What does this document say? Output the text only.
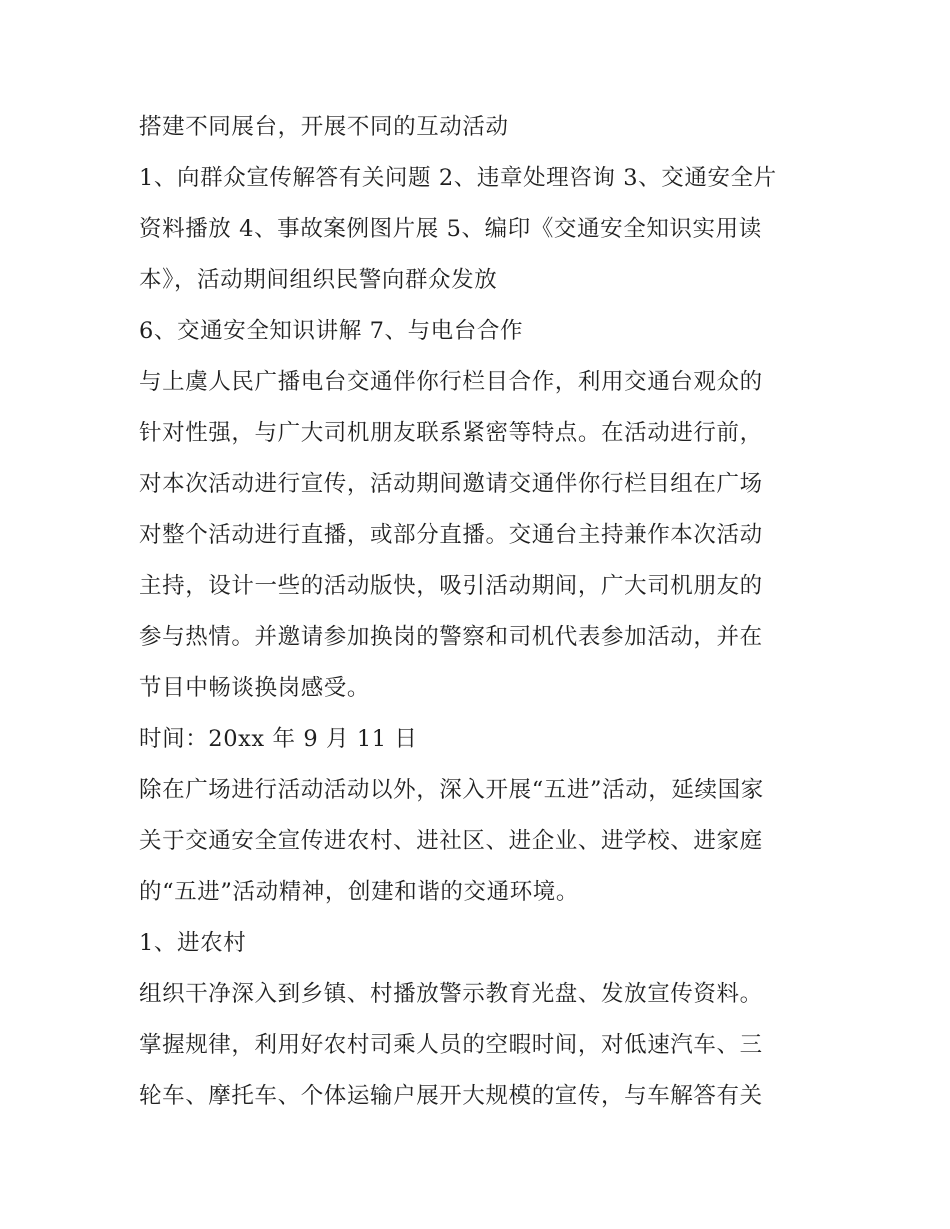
搭建不同展台，开展不同的互动活动
1、向群众宣传解答有关问题 2、违章处理咨询 3、交通安全片
资料播放 4、事故案例图片展 5、编印《交通安全知识实用读
本》，活动期间组织民警向群众发放
6、交通安全知识讲解 7、与电台合作
与上虞人民广播电台交通伴你行栏目合作，利用交通台观众的
针对性强，与广大司机朋友联系紧密等特点。在活动进行前，
对本次活动进行宣传，活动期间邀请交通伴你行栏目组在广场
对整个活动进行直播，或部分直播。交通台主持兼作本次活动
主持，设计一些的活动版快，吸引活动期间，广大司机朋友的
参与热情。并邀请参加换岗的警察和司机代表参加活动，并在
节目中畅谈换岗感受。
时间：20xx 年 9 月 11 日
除在广场进行活动活动以外，深入开展“五进”活动，延续国家
关于交通安全宣传进农村、进社区、进企业、进学校、进家庭
的“五进”活动精神，创建和谐的交通环境。
1、进农村
组织干净深入到乡镇、村播放警示教育光盘、发放宣传资料。
掌握规律，利用好农村司乘人员的空暇时间，对低速汽车、三
轮车、摩托车、个体运输户展开大规模的宣传，与车解答有关
